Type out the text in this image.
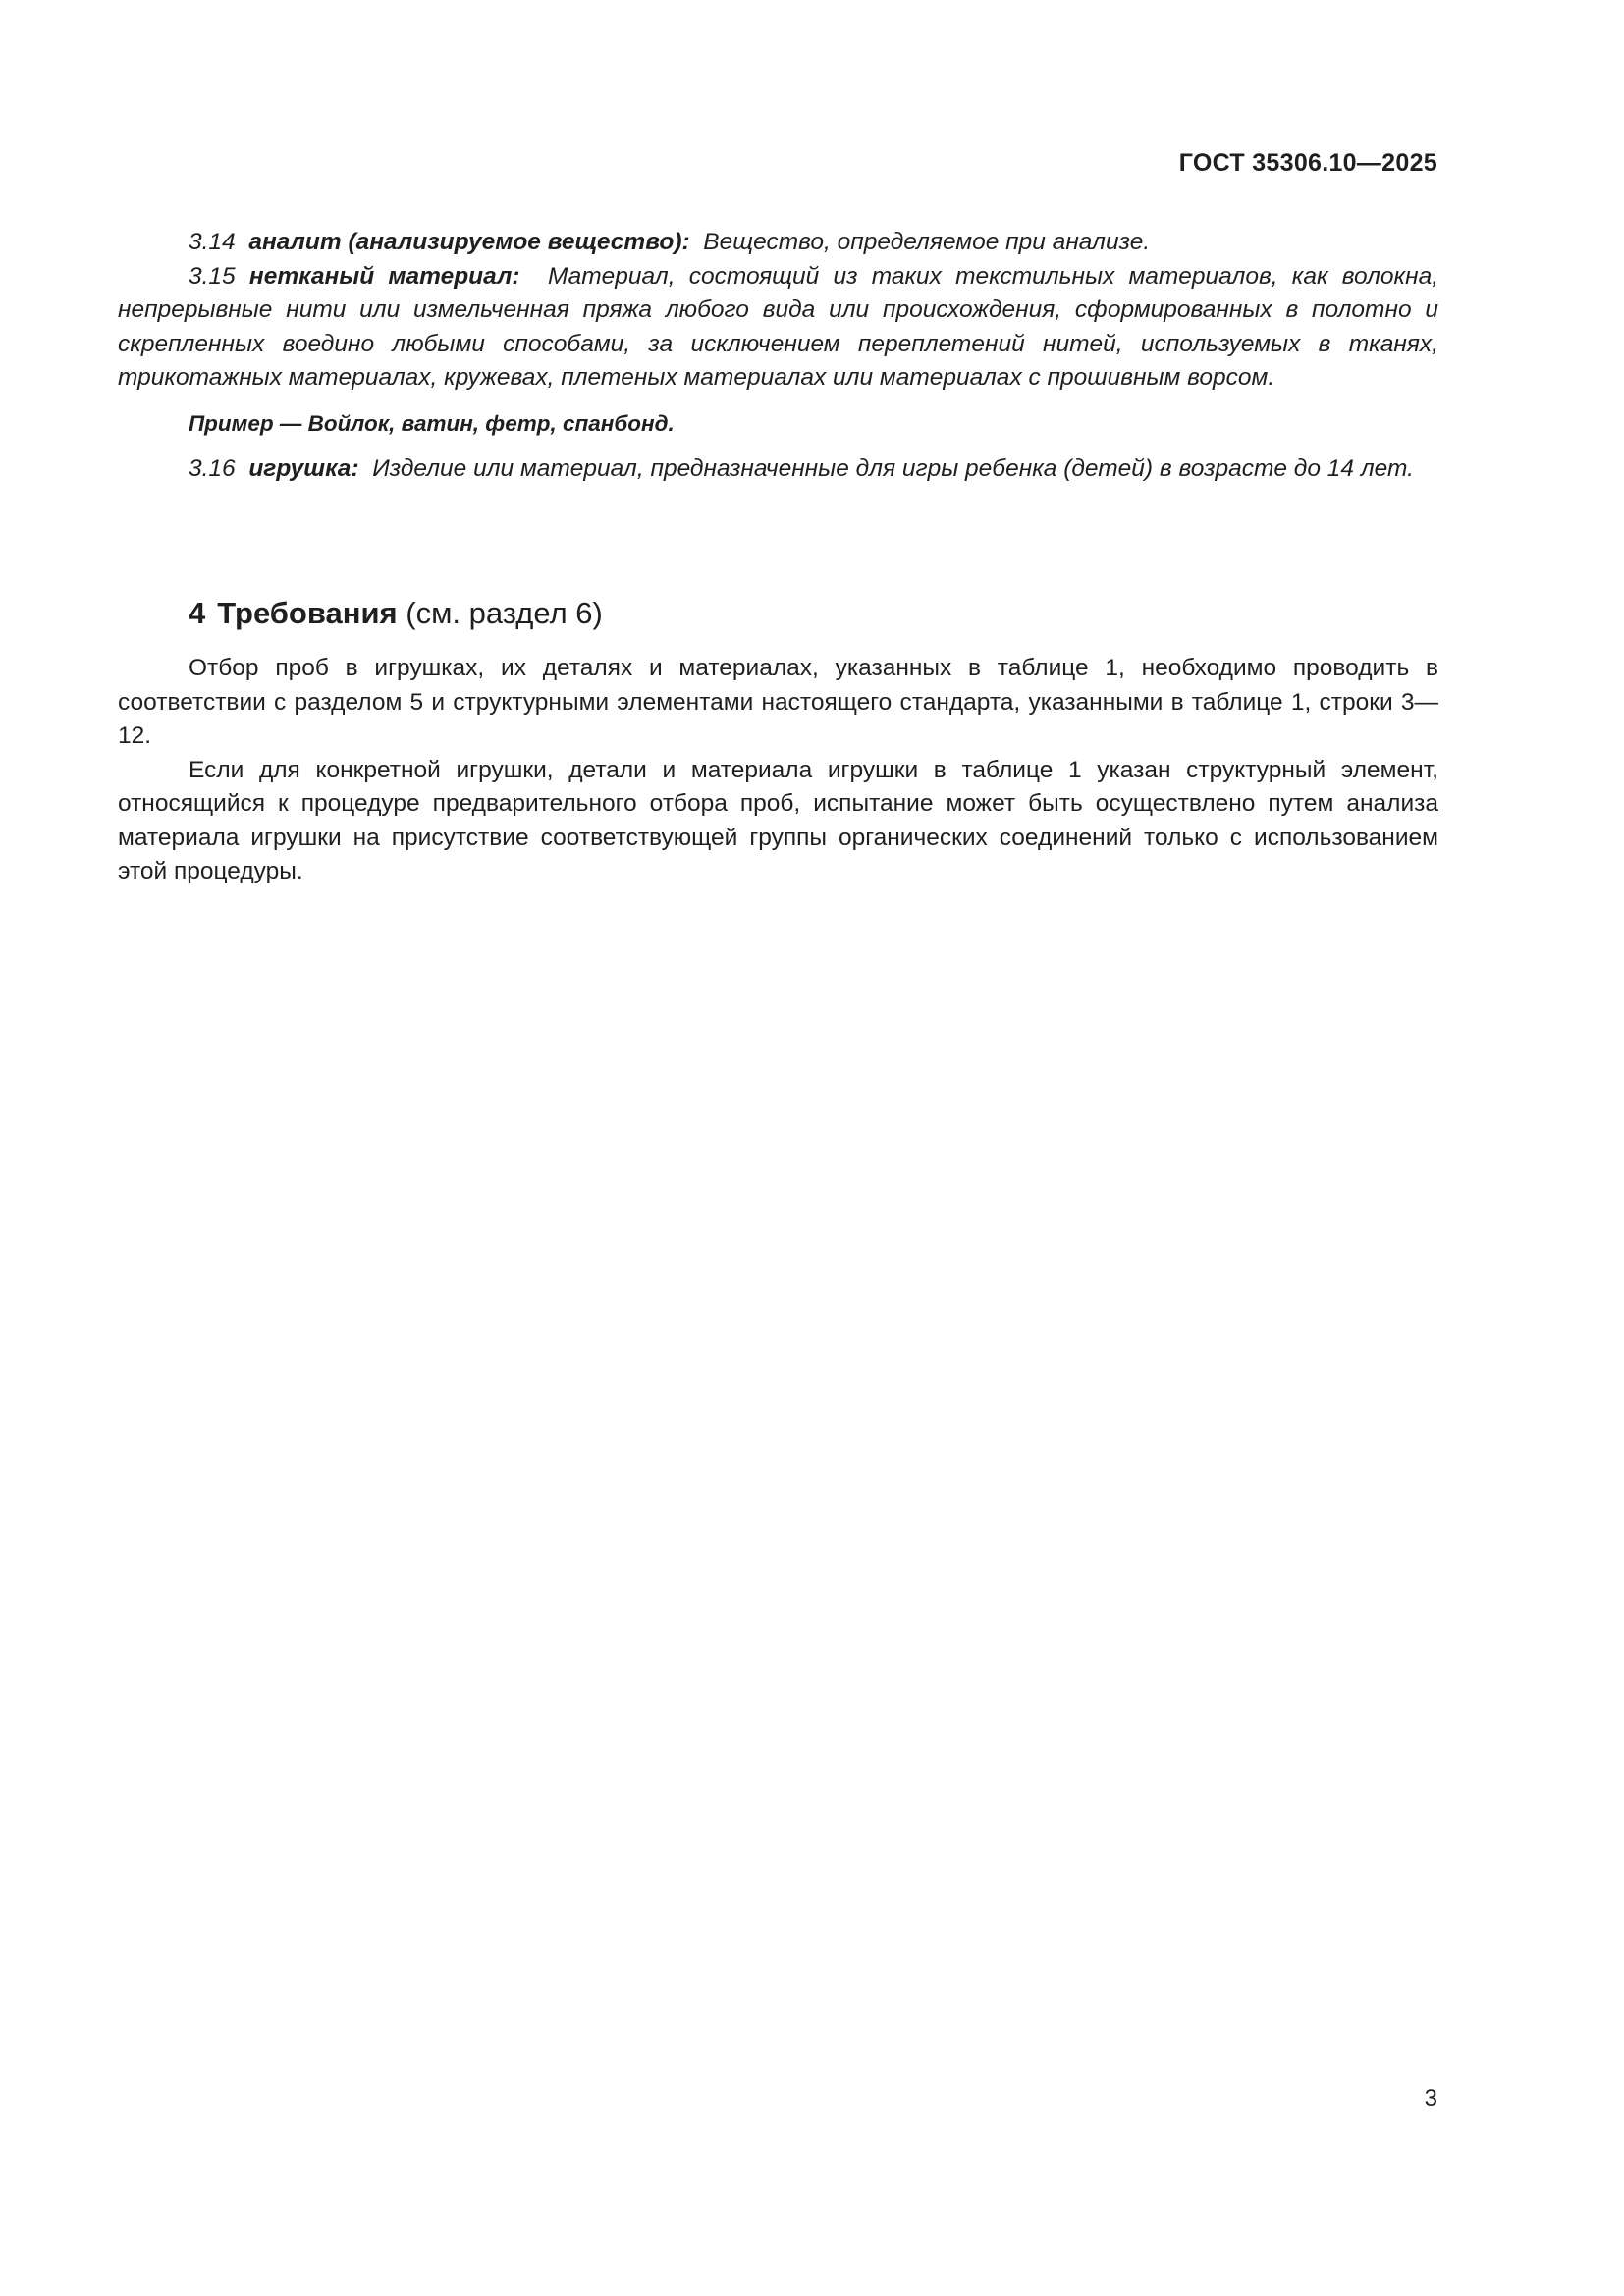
ГОСТ 35306.10—2025

3.14 аналит (анализируемое вещество): Вещество, определяемое при анализе.

3.15 нетканый материал: Материал, состоящий из таких текстильных материалов, как волокна, непрерывные нити или измельченная пряжа любого вида или происхождения, сформированных в полотно и скрепленных воедино любыми способами, за исключением переплетений нитей, используемых в тканях, трикотажных материалах, кружевах, плетеных материалах или материалах с прошивным ворсом.

Пример — Войлок, ватин, фетр, спанбонд.

3.16 игрушка: Изделие или материал, предназначенные для игры ребенка (детей) в возрасте до 14 лет.

4 Требования (см. раздел 6)

Отбор проб в игрушках, их деталях и материалах, указанных в таблице 1, необходимо проводить в соответствии с разделом 5 и структурными элементами настоящего стандарта, указанными в таблице 1, строки 3—12.

Если для конкретной игрушки, детали и материала игрушки в таблице 1 указан структурный элемент, относящийся к процедуре предварительного отбора проб, испытание может быть осуществлено путем анализа материала игрушки на присутствие соответствующей группы органических соединений только с использованием этой процедуры.

3
